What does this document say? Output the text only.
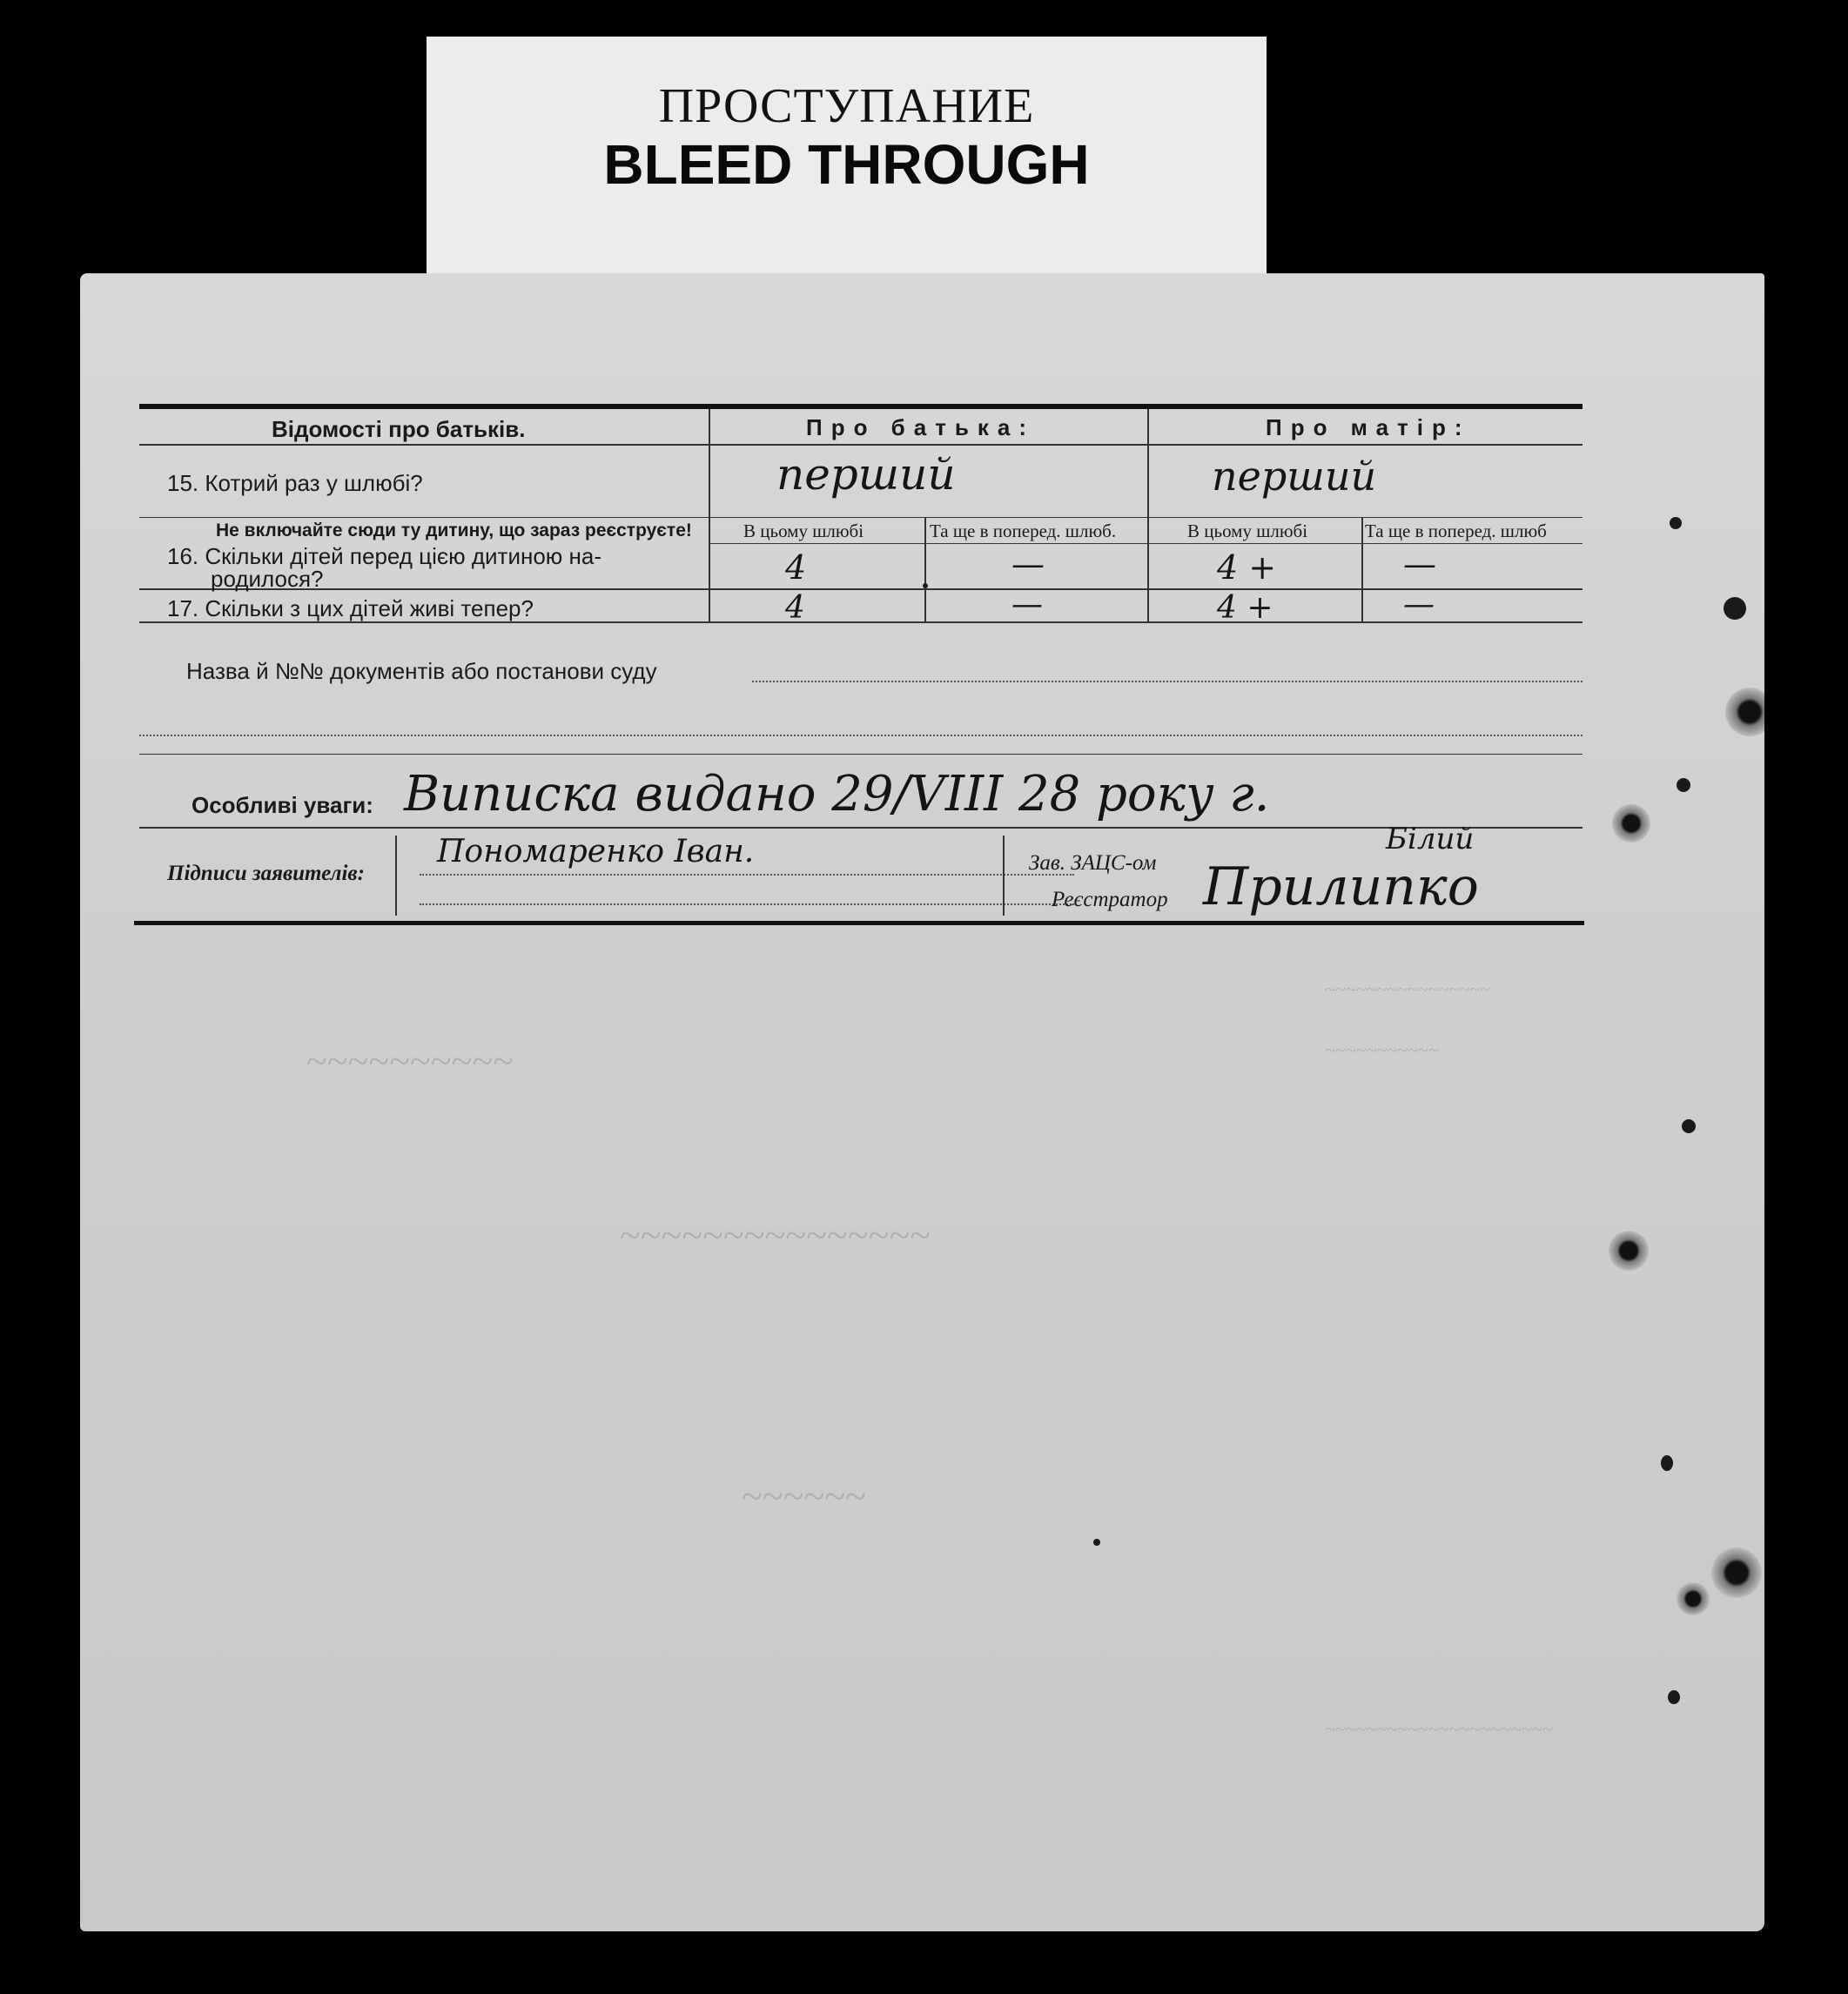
ПРОСТУПАНИЕ
BLEED THROUGH
~~~~~~~~~~~~~~~~
~~~~~~~~~~~
~~~~~~~~~~~~~~~~~~~~~~
~~~~~~~~~~
~~~~~~~~~~~~~~~
~~~~~~
Відомості про батьків.	Про батька:	Про матір:
15. Котрий раз у шлюбі?	перший	перший
Не включайте сюди ту дитину, що зараз реєструєте!	В цьому шлюбі	Та ще в попеpед. шлюб.	В цьому шлюбі	Та ще в попеpед. шлюб
16. Скільки дітей перед цією дитиною на-
родилося?	4	—	4 +	—
17. Скільки з цих дітей живі тепер?	4	—	4 +	—
Назва й №№ документів або постанови суду
Особливі уваги: Виписка видано 29/VIII 28 року г.
Підписи заявителів:
Пономаренко Іван.	Зав. ЗАЦС-ом
Білий
Реєстратор Прилипко
